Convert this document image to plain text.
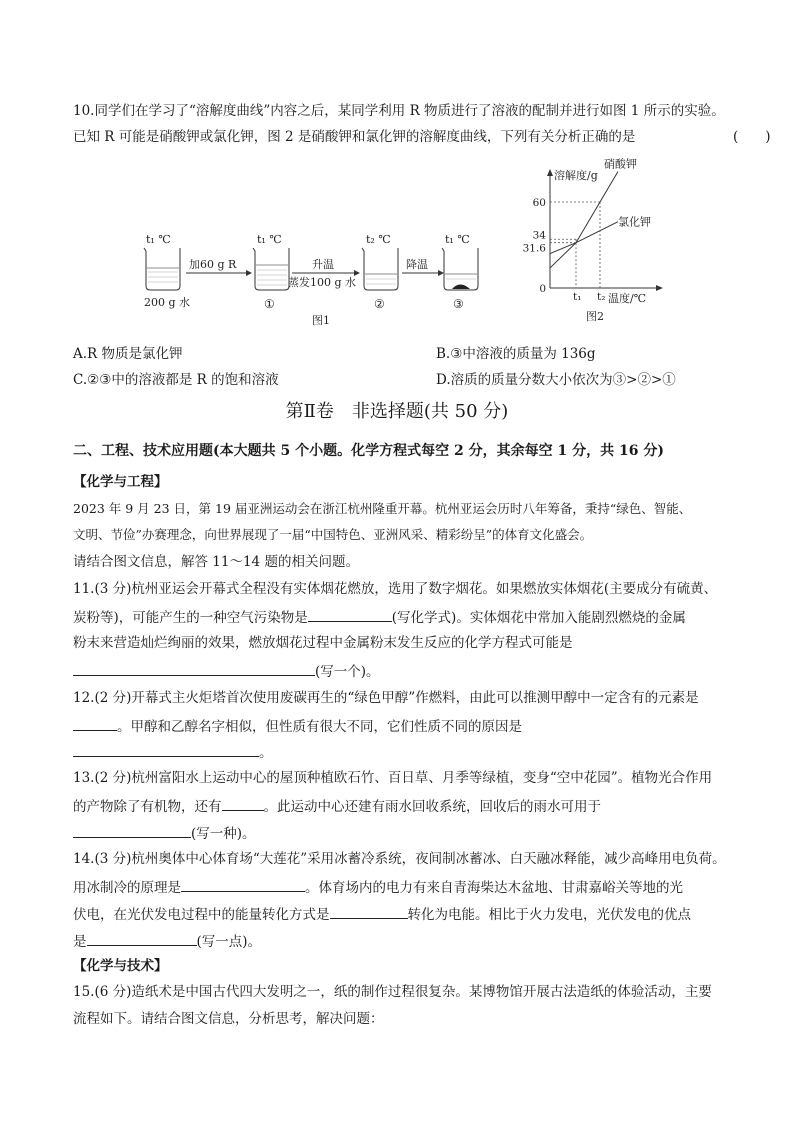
10.同学们在学习了“溶解度曲线”内容之后，某同学利用 R 物质进行了溶液的配制并进行如图 1 所示的实验。
已知 R 可能是硝酸钾或氯化钾，图 2 是硝酸钾和氯化钾的溶解度曲线，下列有关分析正确的是	(　　)
t₁ ℃
200 g 水
加60 g R
t₁ ℃
①
升温
蒸发100 g 水
t₂ ℃
②
降温
t₁ ℃
③
图1
溶解度/g
温度/℃
图2
硝酸钾
氯化钾
60
34
31.6
0
t₁ t₂
A.R 物质是氯化钾	B.③中溶液的质量为 136g
C.②③中的溶液都是 R 的饱和溶液	D.溶质的质量分数大小依次为③>②>①
第Ⅱ卷　非选择题(共 50 分)
二、工程、技术应用题(本大题共 5 个小题。化学方程式每空 2 分，其余每空 1 分，共 16 分)
【化学与工程】
2023 年 9 月 23 日，第 19 届亚洲运动会在浙江杭州隆重开幕。杭州亚运会历时八年筹备，秉持“绿色、智能、
文明、节俭”办赛理念，向世界展现了一届“中国特色、亚洲风采、精彩纷呈”的体育文化盛会。
请结合图文信息，解答 11～14 题的相关问题。
11.(3 分)杭州亚运会开幕式全程没有实体烟花燃放，选用了数字烟花。如果燃放实体烟花(主要成分有硫黄、
炭粉等)，可能产生的一种空气污染物是	(写化学式)。实体烟花中常加入能剧烈燃烧的金属
粉末来营造灿烂绚丽的效果，燃放烟花过程中金属粉末发生反应的化学方程式可能是
(写一个)。
12.(2 分)开幕式主火炬塔首次使用废碳再生的“绿色甲醇”作燃料，由此可以推测甲醇中一定含有的元素是
。甲醇和乙醇名字相似，但性质有很大不同，它们性质不同的原因是
。
13.(2 分)杭州富阳水上运动中心的屋顶种植欧石竹、百日草、月季等绿植，变身“空中花园”。植物光合作用
的产物除了有机物，还有	。此运动中心还建有雨水回收系统，回收后的雨水可用于
(写一种)。
14.(3 分)杭州奥体中心体育场“大莲花”采用冰蓄冷系统，夜间制冰蓄冰、白天融冰释能，减少高峰用电负荷。
用冰制冷的原理是	。体育场内的电力有来自青海柴达木盆地、甘肃嘉峪关等地的光
伏电，在光伏发电过程中的能量转化方式是	转化为电能。相比于火力发电，光伏发电的优点
是	(写一点)。
【化学与技术】
15.(6 分)造纸术是中国古代四大发明之一，纸的制作过程很复杂。某博物馆开展古法造纸的体验活动，主要
流程如下。请结合图文信息，分析思考，解决问题：
